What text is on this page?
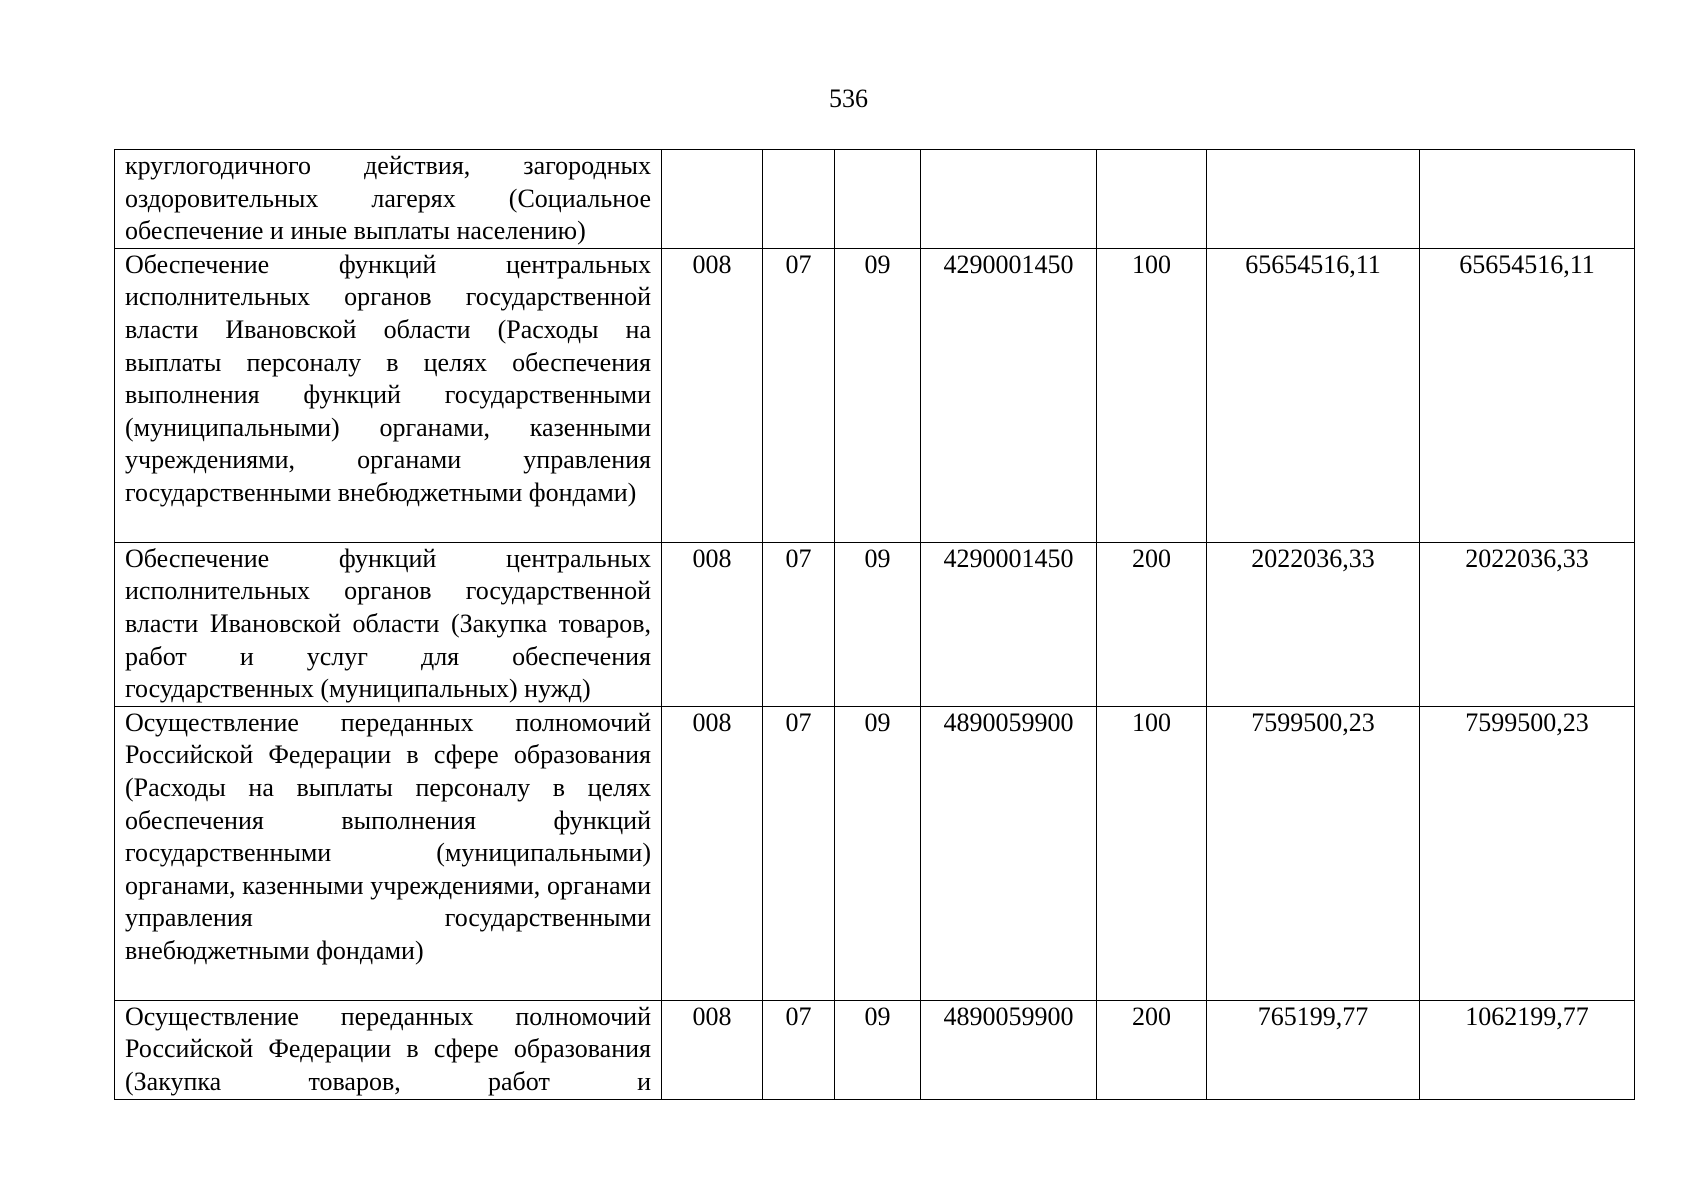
536
круглогодичного действия, загородных оздоровительных лагерях (Социальное обеспечение и иные выплаты населению)							
Обеспечение функций центральных исполнительных органов государственной власти Ивановской области (Расходы на выплаты персоналу в целях обеспечения выполнения функций государственными (муниципальными) органами, казенными учреждениями, органами управления государственными внебюджетными фондами)	008	07	09	4290001450	100	65654516,11	65654516,11
Обеспечение функций центральных исполнительных органов государственной власти Ивановской области (Закупка товаров, работ и услуг для обеспечения государственных (муниципальных) нужд)	008	07	09	4290001450	200	2022036,33	2022036,33
Осуществление переданных полномочий Российской Федерации в сфере образования (Расходы на выплаты персоналу в целях обеспечения выполнения функций государственными (муниципальными) органами, казенными учреждениями, органами управления государственными внебюджетными фондами)	008	07	09	4890059900	100	7599500,23	7599500,23
Осуществление переданных полномочий Российской Федерации в сфере образования (Закупка товаров, работ и	008	07	09	4890059900	200	765199,77	1062199,77
